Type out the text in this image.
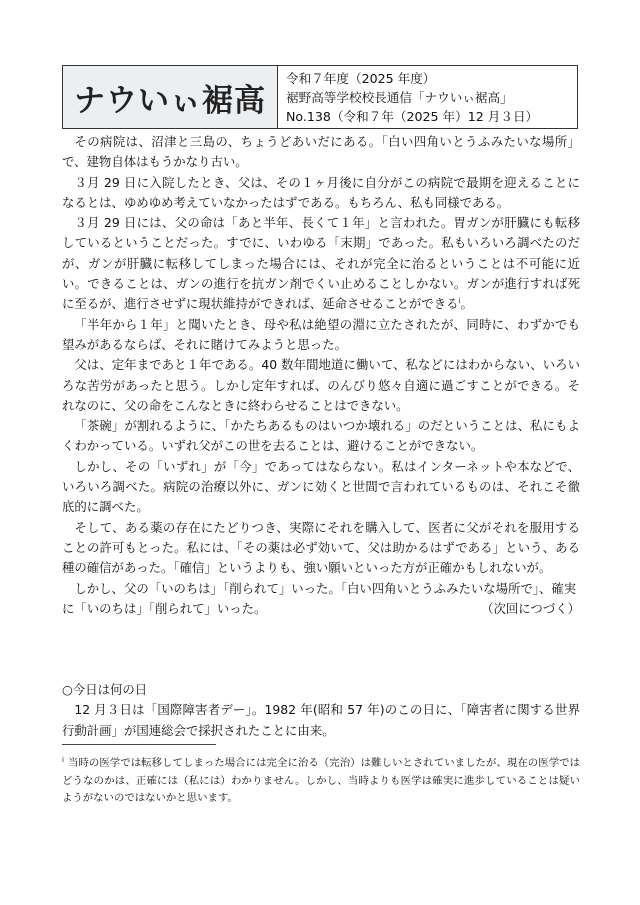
ナウいぃ裾高
令和７年度（2025 年度）
裾野高等学校校長通信「ナウいぃ裾高」
No.138（令和７年（2025 年）12 月３日）

その病院は、沼津と三島の、ちょうどあいだにある。「白い四角いとうふみたいな場所」で、建物自体はもうかなり古い。

３月 29 日に入院したとき、父は、その１ヶ月後に自分がこの病院で最期を迎えることになるとは、ゆめゆめ考えていなかったはずである。もちろん、私も同様である。

３月 29 日には、父の命は「あと半年、長くて１年」と言われた。胃ガンが肝臓にも転移しているということだった。すでに、いわゆる「末期」であった。私もいろいろ調べたのだが、ガンが肝臓に転移してしまった場合には、それが完全に治るということは不可能に近い。できることは、ガンの進行を抗ガン剤でくい止めることしかない。ガンが進行すれば死に至るが、進行させずに現状維持ができれば、延命させることができる$^i$。

「半年から１年」と聞いたとき、母や私は絶望の淵に立たされたが、同時に、わずかでも望みがあるならば、それに賭けてみようと思った。

父は、定年まであと１年である。40 数年間地道に働いて、私などにはわからない、いろいろな苦労があったと思う。しかし定年すれば、のんびり悠々自適に過ごすことができる。それなのに、父の命をこんなときに終わらせることはできない。

「茶碗」が割れるように、「かたちあるものはいつか壊れる」のだということは、私にもよくわかっている。いずれ父がこの世を去ることは、避けることができない。

しかし、その「いずれ」が「今」であってはならない。私はインターネットや本などで、いろいろ調べた。病院の治療以外に、ガンに効くと世間で言われているものは、それこそ徹底的に調べた。

そして、ある薬の存在にたどりつき、実際にそれを購入して、医者に父がそれを服用することの許可もとった。私には、「その薬は必ず効いて、父は助かるはずである」という、ある種の確信があった。「確信」というよりも、強い願いといった方が正確かもしれないが。

しかし、父の「いのちは」「削られて」いった。「白い四角いとうふみたいな場所で」、確実に「いのちは」「削られて」いった。	（次回につづく）

○今日は何の日

12 月３日は「国際障害者デー」。1982 年(昭和 57 年)のこの日に、「障害者に関する世界行動計画」が国連総会で採択されたことに由来。

$^i$ 当時の医学では転移してしまった場合には完全に治る（完治）は難しいとされていましたが、現在の医学ではどうなのかは、正確には（私には）わかりません。しかし、当時よりも医学は確実に進歩していることは疑いようがないのではないかと思います。
